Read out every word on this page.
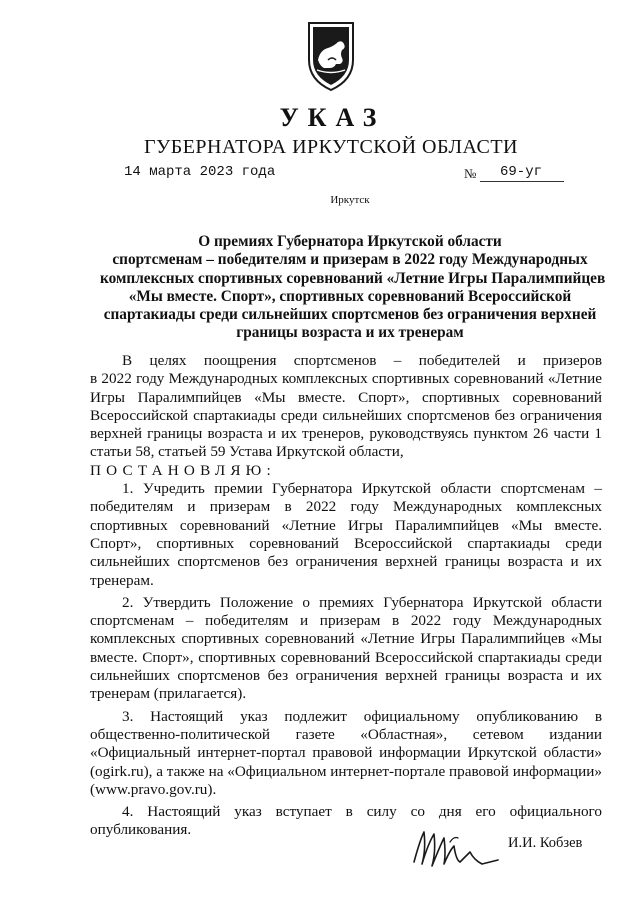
УКАЗ
ГУБЕРНАТОРА ИРКУТСКОЙ ОБЛАСТИ
14 марта 2023 года	№ 69-уг
Иркутск
О премиях Губернатора Иркутской области
спортсменам – победителям и призерам в 2022 году Международных
комплексных спортивных соревнований «Летние Игры Паралимпийцев
«Мы вместе. Спорт», спортивных соревнований Всероссийской
спартакиады среди сильнейших спортсменов без ограничения верхней
границы возраста и их тренерам
В целях поощрения спортсменов – победителей и призеров
в 2022 году Международных комплексных спортивных соревнований «Летние
Игры Паралимпийцев «Мы вместе. Спорт», спортивных соревнований
Всероссийской спартакиады среди сильнейших спортсменов без ограничения
верхней границы возраста и их тренеров, руководствуясь пунктом 26 части 1
статьи 58, статьей 59 Устава Иркутской области,
ПОСТАНОВЛЯЮ:
1. Учредить премии Губернатора Иркутской области спортсменам –
победителям и призерам в 2022 году Международных комплексных
спортивных соревнований «Летние Игры Паралимпийцев «Мы вместе.
Спорт», спортивных соревнований Всероссийской спартакиады среди
сильнейших спортсменов без ограничения верхней границы возраста и их
тренерам.
2. Утвердить Положение о премиях Губернатора Иркутской области
спортсменам – победителям и призерам в 2022 году Международных
комплексных спортивных соревнований «Летние Игры Паралимпийцев «Мы
вместе. Спорт», спортивных соревнований Всероссийской спартакиады среди
сильнейших спортсменов без ограничения верхней границы возраста и их
тренерам (прилагается).
3. Настоящий указ подлежит официальному опубликованию в
общественно-политической газете «Областная», сетевом издании
«Официальный интернет-портал правовой информации Иркутской области»
(ogirk.ru), а также на «Официальном интернет-портале правовой информации»
(www.pravo.gov.ru).
4. Настоящий указ вступает в силу со дня его официального
опубликования.
И.И. Кобзев
